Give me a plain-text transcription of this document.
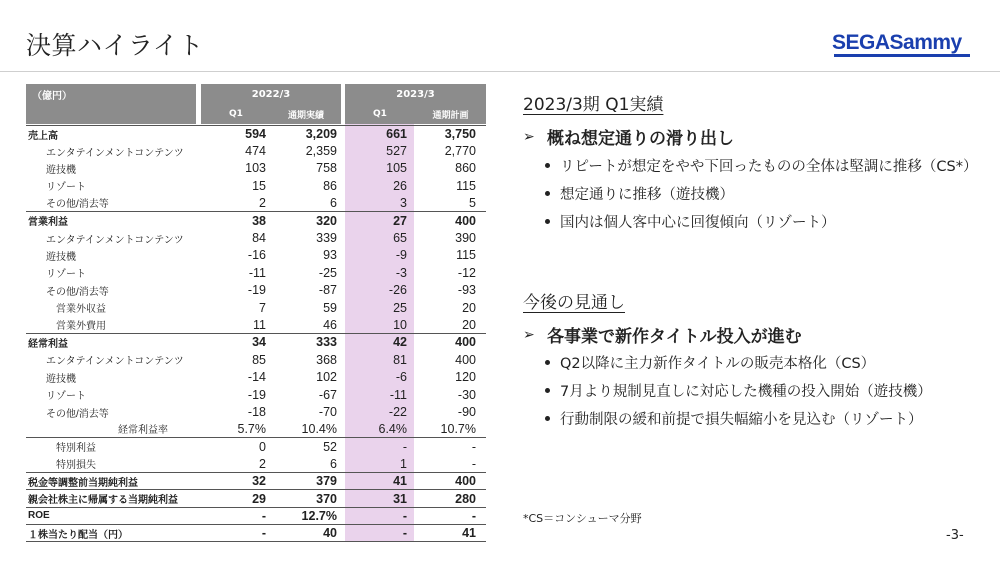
決算ハイライト	SEGASammy
（億円）	2022/3	2023/3
Q1	通期実績	Q1	通期計画
売上高	594	3,209	661	3,750
エンタテインメントコンテンツ	474	2,359	527	2,770
遊技機	103	758	105	860
リゾート	15	86	26	115
その他/消去等	2	6	3	5
営業利益	38	320	27	400
エンタテインメントコンテンツ	84	339	65	390
遊技機	-16	93	-9	115
リゾート	-11	-25	-3	-12
その他/消去等	-19	-87	-26	-93
営業外収益	7	59	25	20
営業外費用	11	46	10	20
経常利益	34	333	42	400
エンタテインメントコンテンツ	85	368	81	400
遊技機	-14	102	-6	120
リゾート	-19	-67	-11	-30
その他/消去等	-18	-70	-22	-90
経常利益率	5.7%	10.4%	6.4%	10.7%
特別利益	0	52	-	-
特別損失	2	6	1	-
税金等調整前当期純利益	32	379	41	400
親会社株主に帰属する当期純利益	29	370	31	280
ROE	-	12.7%	-	-
１株当たり配当（円）	-	40	-	41
2023/3期 Q1実績
➢ 概ね想定通りの滑り出し
リピートが想定をやや下回ったものの全体は堅調に推移（CS*）
想定通りに推移（遊技機）
国内は個人客中心に回復傾向（リゾート）
今後の見通し
➢ 各事業で新作タイトル投入が進む
Q2以降に主力新作タイトルの販売本格化（CS）
7月より規制見直しに対応した機種の投入開始（遊技機）
行動制限の緩和前提で損失幅縮小を見込む（リゾート）
*CS＝コンシューマ分野
-3-
